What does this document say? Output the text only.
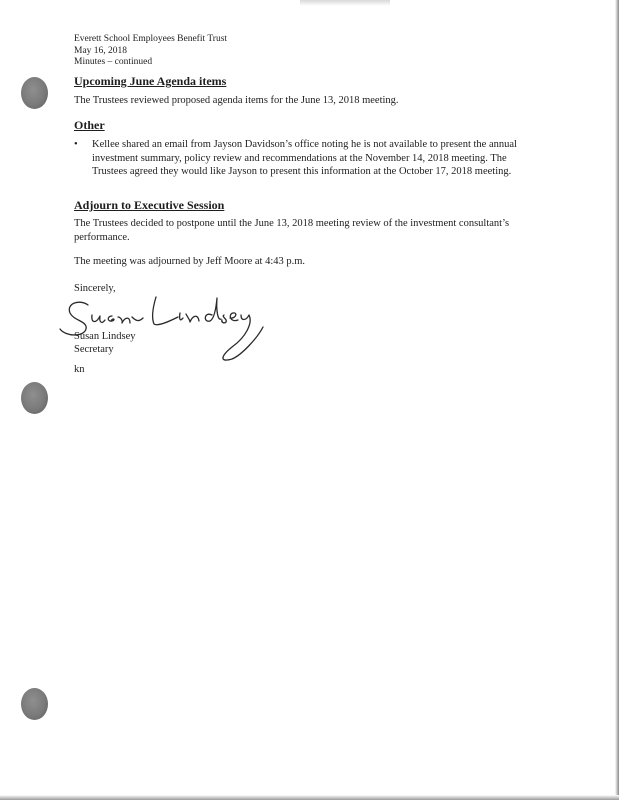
Everett School Employees Benefit Trust
May 16, 2018
Minutes – continued
Upcoming June Agenda items
The Trustees reviewed proposed agenda items for the June 13, 2018 meeting.
Other
• Kellee shared an email from Jayson Davidson’s office noting he is not available to present the annual investment summary, policy review and recommendations at the November 14, 2018 meeting. The Trustees agreed they would like Jayson to present this information at the October 17, 2018 meeting.
Adjourn to Executive Session
The Trustees decided to postpone until the June 13, 2018 meeting review of the investment consultant’s performance.
The meeting was adjourned by Jeff Moore at 4:43 p.m.
Sincerely,
Susan Lindsey
Secretary
kn
